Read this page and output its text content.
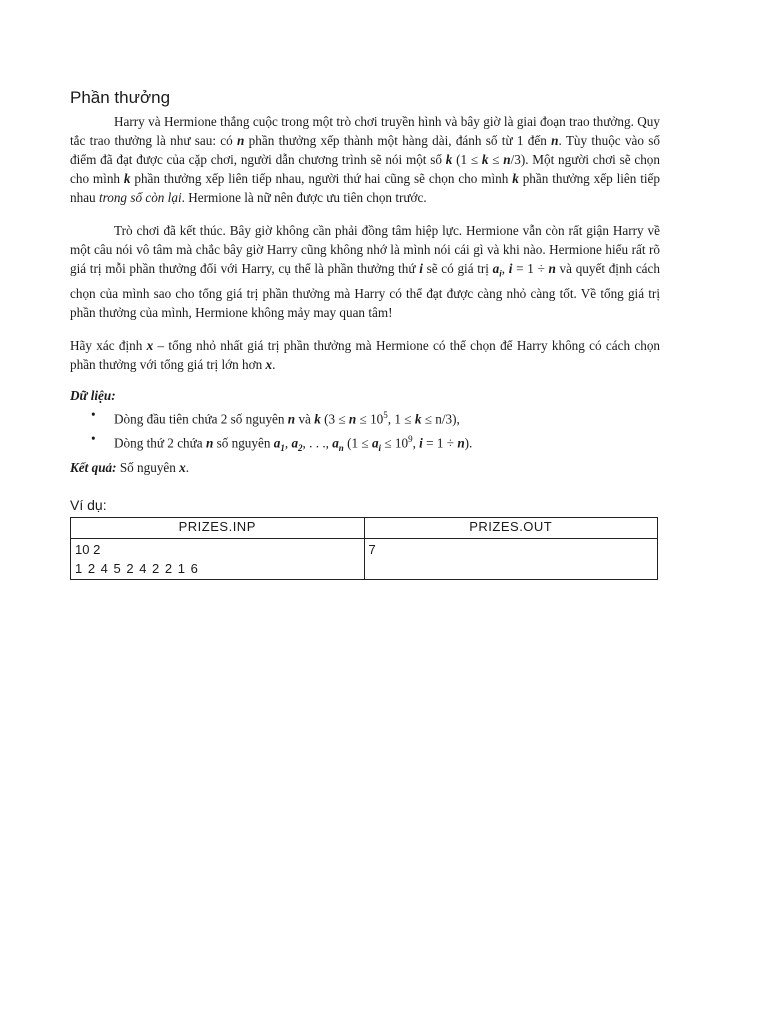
Phần thưởng

Harry và Hermione thắng cuộc trong một trò chơi truyền hình và bây giờ là giai đoạn trao thưởng. Quy tắc trao thưởng là như sau: có n phần thưởng xếp thành một hàng dài, đánh số từ 1 đến n. Tùy thuộc vào số điểm đã đạt được của cặp chơi, người dẫn chương trình sẽ nói một số k (1 ≤ k ≤ n/3). Một người chơi sẽ chọn cho mình k phần thưởng xếp liên tiếp nhau, người thứ hai cũng sẽ chọn cho mình k phần thưởng xếp liên tiếp nhau trong số còn lại. Hermione là nữ nên được ưu tiên chọn trước.

Trò chơi đã kết thúc. Bây giờ không cần phải đồng tâm hiệp lực. Hermione vẫn còn rất giận Harry về một câu nói vô tâm mà chắc bây giờ Harry cũng không nhớ là mình nói cái gì và khi nào. Hermione hiểu rất rõ giá trị mỗi phần thưởng đối với Harry, cụ thể là phần thưởng thứ i sẽ có giá trị $a_i$, i = 1 ÷ n và quyết định cách chọn của mình sao cho tổng giá trị phần thưởng mà Harry có thể đạt được càng nhỏ càng tốt. Về tổng giá trị phần thưởng của mình, Hermione không mảy may quan tâm!

Hãy xác định x – tổng nhỏ nhất giá trị phần thưởng mà Hermione có thể chọn để Harry không có cách chọn phần thưởng với tổng giá trị lớn hơn x.

Dữ liệu:

• Dòng đầu tiên chứa 2 số nguyên n và k ($3 \le n \le 10^5$, 1 ≤ k ≤ n/3),
• Dòng thứ 2 chứa n số nguyên $a_1$, $a_2$, . . ., $a_n$ ($1 \le a_i \le 10^9$, i = 1 ÷ n).

Kết quả: Số nguyên x.

Ví dụ:
PRIZES.INP	PRIZES.OUT

10 2
1 2 4 5 2 4 2 2 1 6	7
